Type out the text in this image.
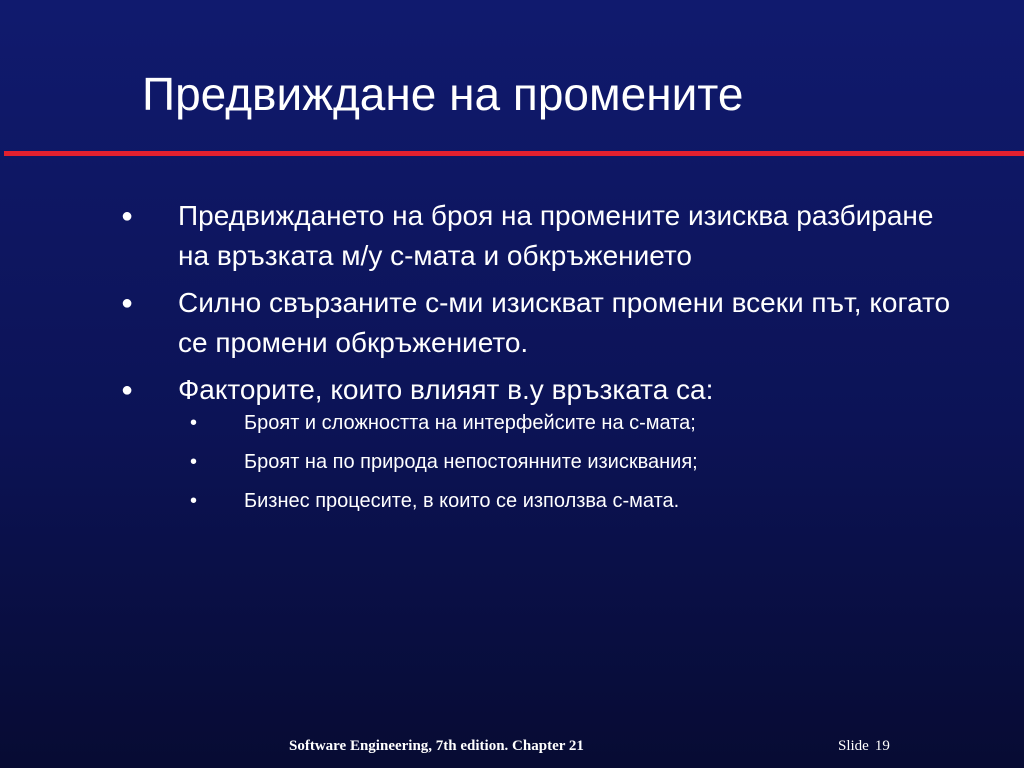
Предвиждане на промените
● Предвиждането на броя на промените изисква разбиране на връзката м/у с-мата и обкръжението
● Силно свързаните с-ми изискват промени всеки път, когато се промени обкръжението.
● Факторите, които влияят в.у връзката са:
• Броят и сложността на интерфейсите на с-мата;
• Броят на по природа непостоянните изисквания;
• Бизнес процесите, в които се използва с-мата.
Software Engineering, 7th edition. Chapter 21	Slide 19
